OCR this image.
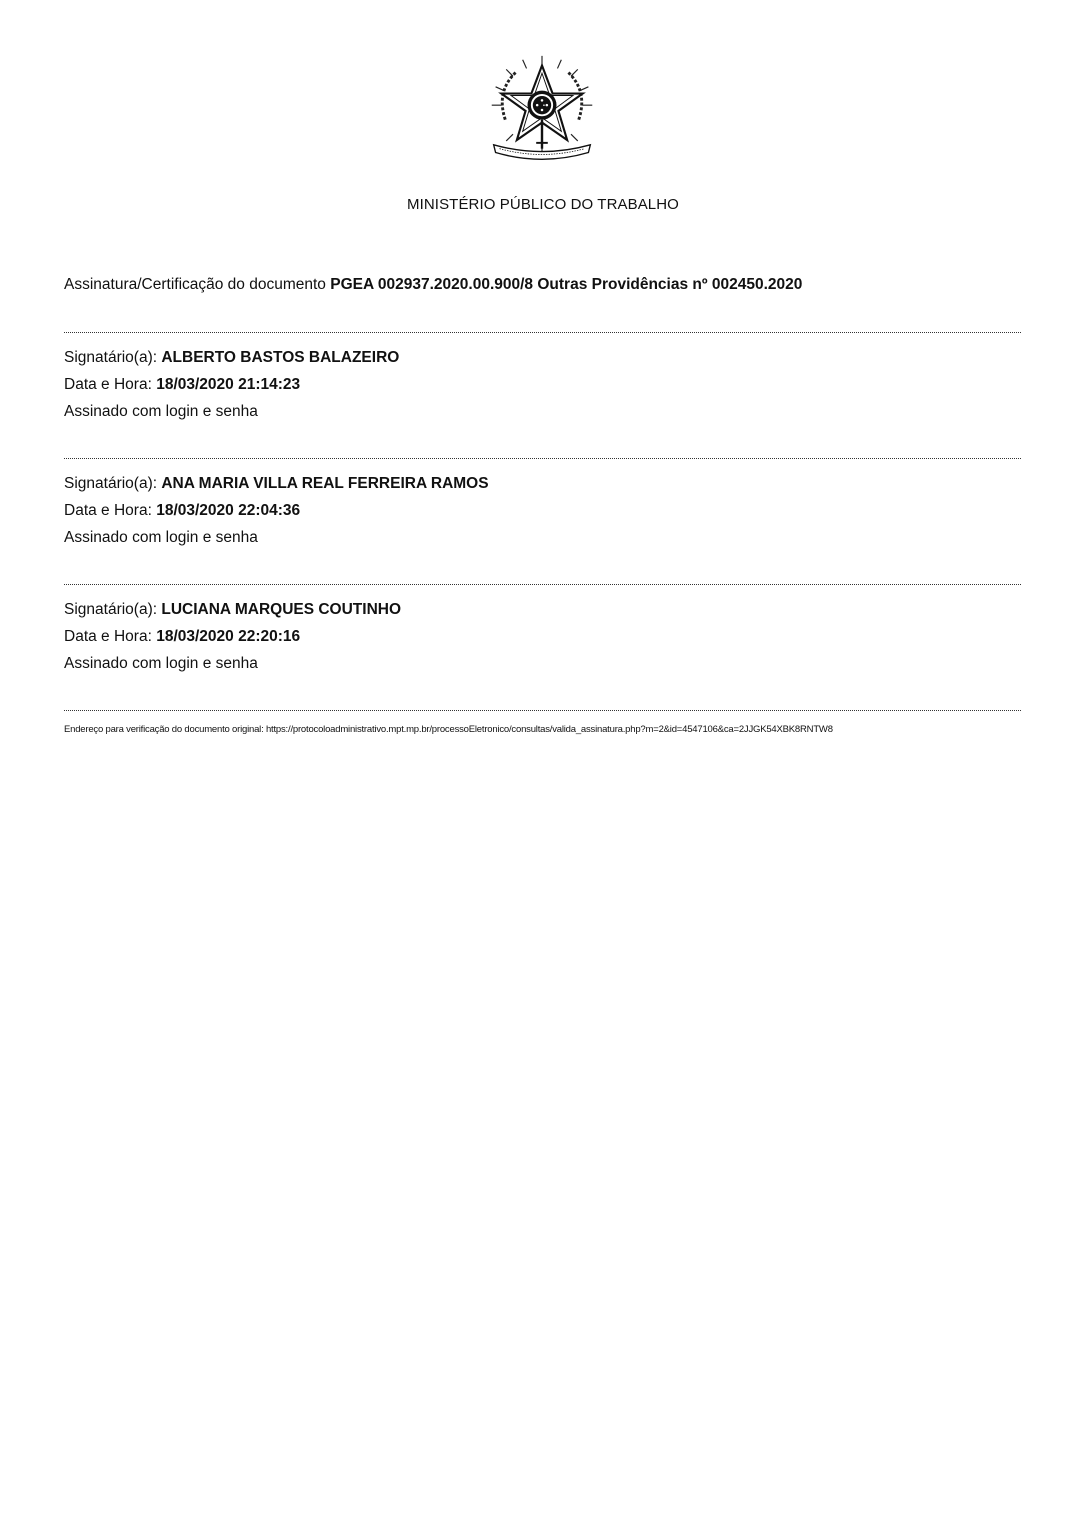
MINISTÉRIO PÚBLICO DO TRABALHO
Assinatura/Certificação do documento PGEA 002937.2020.00.900/8 Outras Providências nº 002450.2020
Signatário(a): ALBERTO BASTOS BALAZEIRO
Data e Hora: 18/03/2020 21:14:23
Assinado com login e senha
Signatário(a): ANA MARIA VILLA REAL FERREIRA RAMOS
Data e Hora: 18/03/2020 22:04:36
Assinado com login e senha
Signatário(a): LUCIANA MARQUES COUTINHO
Data e Hora: 18/03/2020 22:20:16
Assinado com login e senha
Endereço para verificação do documento original: https://protocoloadministrativo.mpt.mp.br/processoEletronico/consultas/valida_assinatura.php?m=2&id=4547106&ca=2JJGK54XBK8RNTW8
